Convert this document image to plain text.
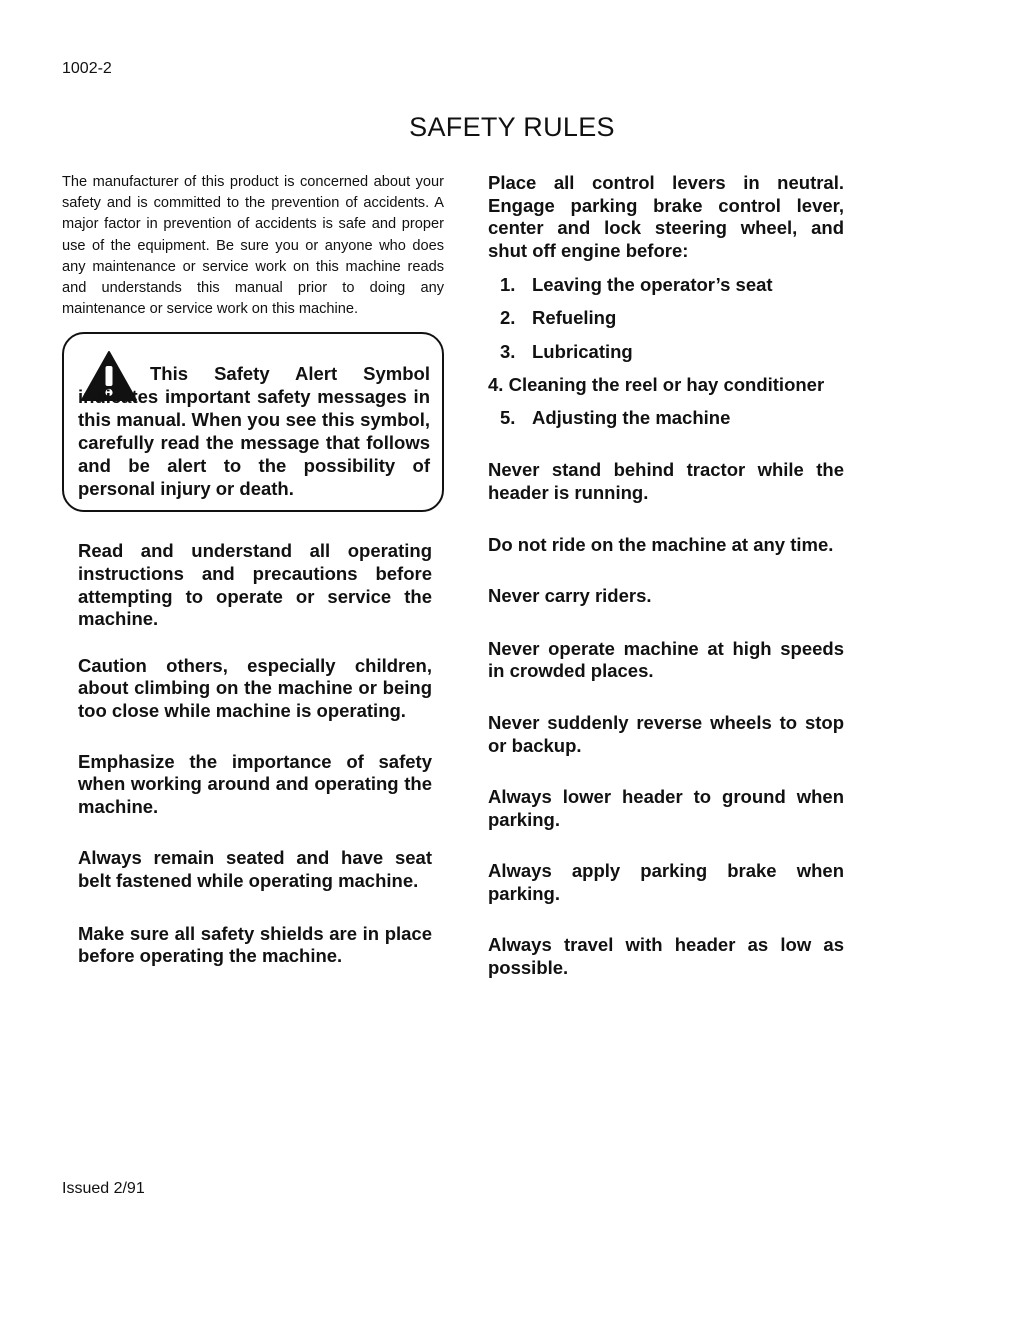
1002-2
SAFETY RULES

The manufacturer of this product is concerned about your safety and is committed to the prevention of accidents. A major factor in prevention of accidents is safe and proper use of the equipment. Be sure you or anyone who does any maintenance or service work on this machine reads and understands this manual prior to doing any maintenance or service work on this machine.

This Safety Alert Symbol indicates important safety messages in this manual. When you see this symbol, carefully read the message that follows and be alert to the possibility of personal injury or death.

Read and understand all operating instructions and precautions before attempting to operate or service the machine.

Caution others, especially children, about climbing on the machine or being too close while machine is operating.

Emphasize the importance of safety when working around and operating the machine.

Always remain seated and have seat belt fastened while operating machine.

Make sure all safety shields are in place before operating the machine.

Place all control levers in neutral. Engage parking brake control lever, center and lock steering wheel, and shut off engine before:

1. Leaving the operator’s seat
2. Refueling
3. Lubricating
4. Cleaning the reel or hay conditioner
5. Adjusting the machine

Never stand behind tractor while the header is running.

Do not ride on the machine at any time.

Never carry riders.

Never operate machine at high speeds in crowded places.

Never suddenly reverse wheels to stop or backup.

Always lower header to ground when parking.

Always apply parking brake when parking.

Always travel with header as low as possible.

Issued 2/91
